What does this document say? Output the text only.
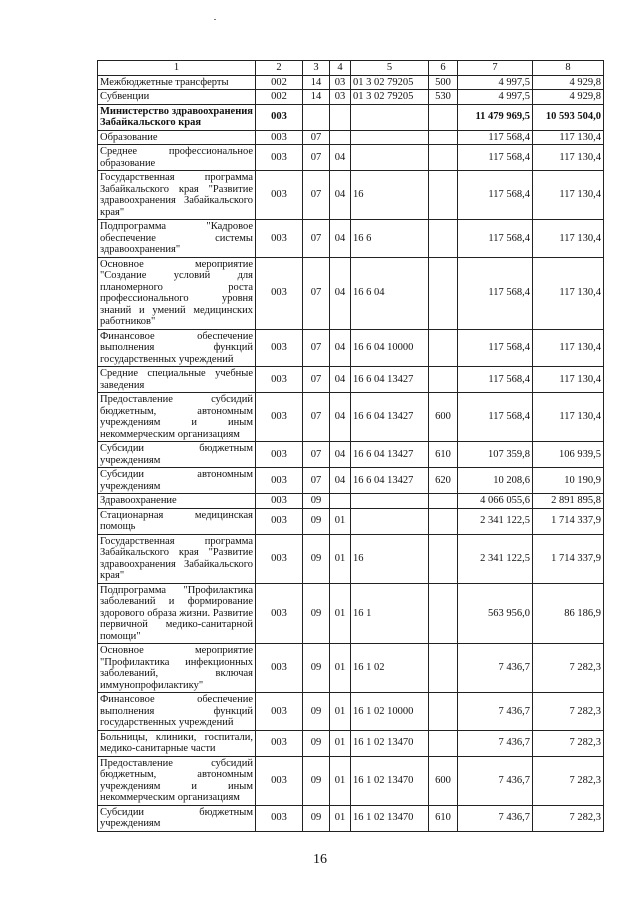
1	2	3	4	5	6	7	8
Межбюджетные трансферты	002	14	03	01 3 02 79205	500	4 997,5	4 929,8
Субвенции	002	14	03	01 3 02 79205	530	4 997,5	4 929,8
Министерство здравоохранения Забайкальского края	003					11 479 969,5	10 593 504,0
Образование	003	07				117 568,4	117 130,4
Среднее профессиональное образование	003	07	04			117 568,4	117 130,4
Государственная программа Забайкальского края "Развитие здравоохранения Забайкальского края"	003	07	04	16		117 568,4	117 130,4
Подпрограмма "Кадровое обеспечение системы здравоохранения"	003	07	04	16 6		117 568,4	117 130,4
Основное мероприятие "Создание условий для планомерного роста профессионального уровня знаний и умений медицинских работников"	003	07	04	16 6 04		117 568,4	117 130,4
Финансовое обеспечение выполнения функций государственных учреждений	003	07	04	16 6 04 10000		117 568,4	117 130,4
Средние специальные учебные заведения	003	07	04	16 6 04 13427		117 568,4	117 130,4
Предоставление субсидий бюджетным, автономным учреждениям и иным некоммерческим организациям	003	07	04	16 6 04 13427	600	117 568,4	117 130,4
Субсидии бюджетным учреждениям	003	07	04	16 6 04 13427	610	107 359,8	106 939,5
Субсидии автономным учреждениям	003	07	04	16 6 04 13427	620	10 208,6	10 190,9
Здравоохранение	003	09				4 066 055,6	2 891 895,8
Стационарная медицинская помощь	003	09	01			2 341 122,5	1 714 337,9
Государственная программа Забайкальского края "Развитие здравоохранения Забайкальского края"	003	09	01	16		2 341 122,5	1 714 337,9
Подпрограмма "Профилактика заболеваний и формирование здорового образа жизни. Развитие первичной медико-санитарной помощи"	003	09	01	16 1		563 956,0	86 186,9
Основное мероприятие "Профилактика инфекционных заболеваний, включая иммунопрофилактику"	003	09	01	16 1 02		7 436,7	7 282,3
Финансовое обеспечение выполнения функций государственных учреждений	003	09	01	16 1 02 10000		7 436,7	7 282,3
Больницы, клиники, госпитали, медико-санитарные части	003	09	01	16 1 02 13470		7 436,7	7 282,3
Предоставление субсидий бюджетным, автономным учреждениям и иным некоммерческим организациям	003	09	01	16 1 02 13470	600	7 436,7	7 282,3
Субсидии бюджетным учреждениям	003	09	01	16 1 02 13470	610	7 436,7	7 282,3
16
